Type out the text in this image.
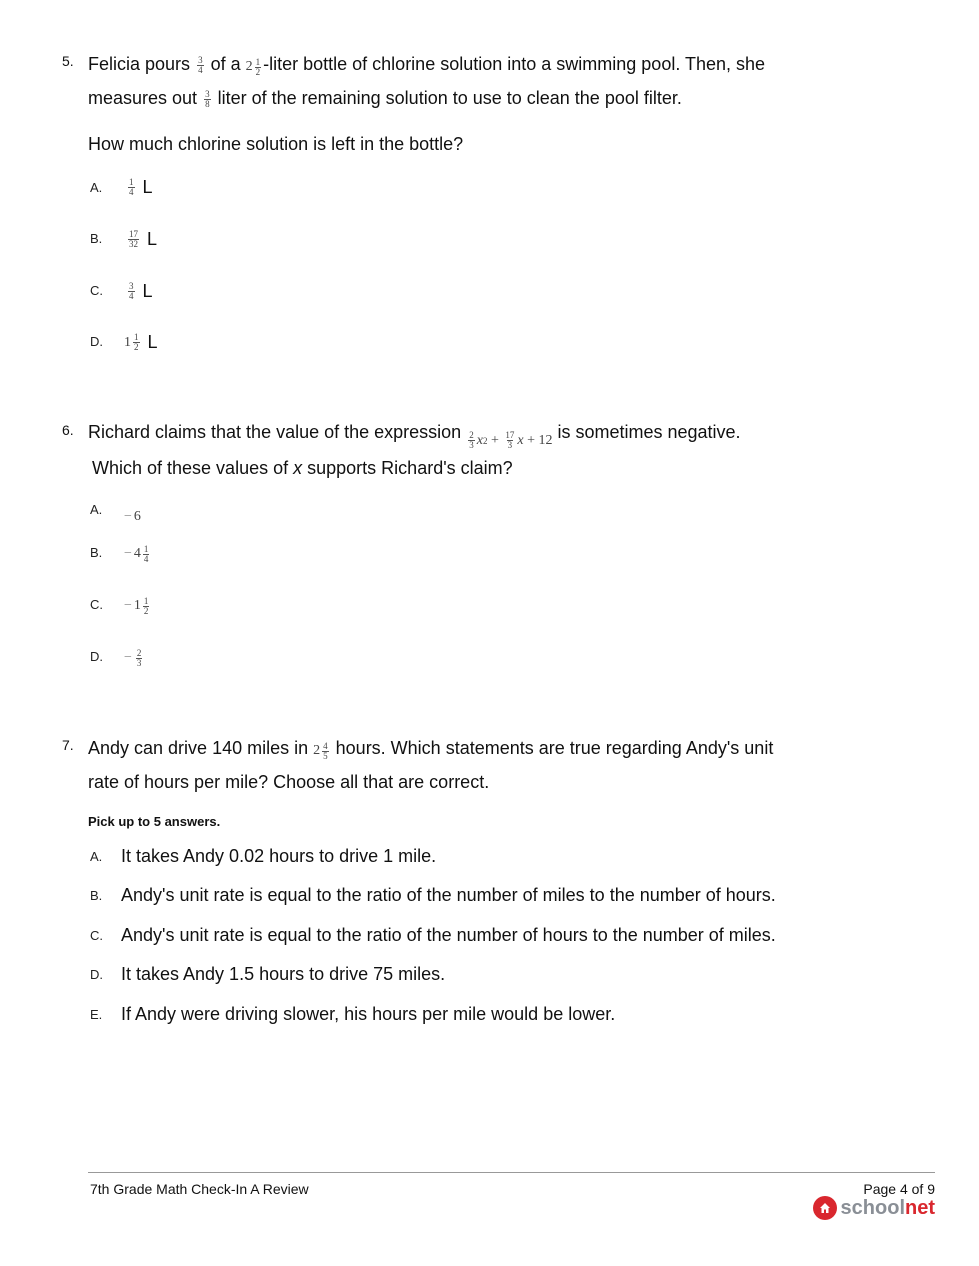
5. Felicia pours $\frac{3}{4}$ of a $2 \frac{1}{2}$ -liter bottle of chlorine solution into a swimming pool. Then, she
measures out $\frac{3}{8}$ liter of the remaining solution to use to clean the pool filter.
How much chlorine solution is left in the bottle?
A.	$\frac{1}{4}$ L
B.	$\frac{17}{32}$ L
C.	$\frac{3}{4}$ L
D. $1 \frac{1}{2}$ L
6. Richard claims that the value of the expression $\frac{2}{3}$ x 2
+
$\frac{17}{3}$ x
+
12 is sometimes negative.
Which of these values of x supports Richard's claim?
A. − 6
B. − $4 \frac{1}{4}$
C. − $1 \frac{1}{2}$
D. − $\frac{2}{3}$
7. Andy can drive 140 miles in $2 \frac{4}{5}$ hours. Which statements are true regarding Andy's unit
rate of hours per mile? Choose all that are correct.
Pick up to 5 answers.
A. It takes Andy 0.02 hours to drive 1 mile.
B. Andy's unit rate is equal to the ratio of the number of miles to the number of hours.
C. Andy's unit rate is equal to the ratio of the number of hours to the number of miles.
D. It takes Andy 1.5 hours to drive 75 miles.
E. If Andy were driving slower, his hours per mile would be lower.
7th Grade Math Check-In A Review	Page 4 of 9
schoolnet
